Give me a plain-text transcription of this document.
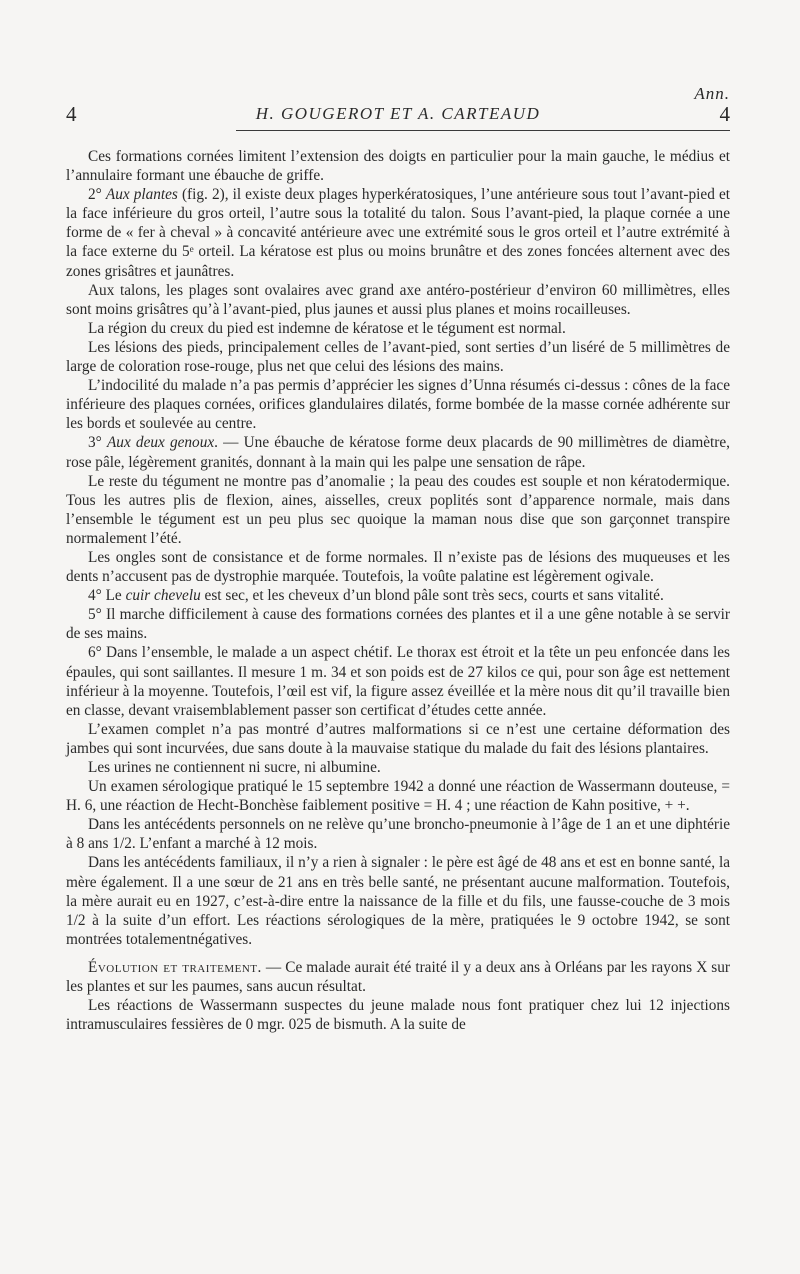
Ann.
4	H. GOUGEROT ET A. CARTEAUD	4

Ces formations cornées limitent l’extension des doigts en particulier pour la main gauche, le médius et l’annulaire formant une ébauche de griffe.

2° Aux plantes (fig. 2), il existe deux plages hyperkératosiques, l’une antérieure sous tout l’avant-pied et la face inférieure du gros orteil, l’autre sous la totalité du talon. Sous l’avant-pied, la plaque cornée a une forme de « fer à cheval » à concavité antérieure avec une extrémité sous le gros orteil et l’autre extrémité à la face externe du 5ᵉ orteil. La kératose est plus ou moins brunâtre et des zones foncées alternent avec des zones grisâtres et jaunâtres.

Aux talons, les plages sont ovalaires avec grand axe antéro-postérieur d’environ 60 millimètres, elles sont moins grisâtres qu’à l’avant-pied, plus jaunes et aussi plus planes et moins rocailleuses.

La région du creux du pied est indemne de kératose et le tégument est normal.

Les lésions des pieds, principalement celles de l’avant-pied, sont serties d’un liséré de 5 millimètres de large de coloration rose-rouge, plus net que celui des lésions des mains.

L’indocilité du malade n’a pas permis d’apprécier les signes d’Unna résumés ci-dessus : cônes de la face inférieure des plaques cornées, orifices glandulaires dilatés, forme bombée de la masse cornée adhérente sur les bords et soulevée au centre.

3° Aux deux genoux. — Une ébauche de kératose forme deux placards de 90 millimètres de diamètre, rose pâle, légèrement granités, donnant à la main qui les palpe une sensation de râpe.

Le reste du tégument ne montre pas d’anomalie ; la peau des coudes est souple et non kératodermique. Tous les autres plis de flexion, aines, aisselles, creux poplités sont d’apparence normale, mais dans l’ensemble le tégument est un peu plus sec quoique la maman nous dise que son garçonnet transpire normalement l’été.

Les ongles sont de consistance et de forme normales. Il n’existe pas de lésions des muqueuses et les dents n’accusent pas de dystrophie marquée. Toutefois, la voûte palatine est légèrement ogivale.

4° Le cuir chevelu est sec, et les cheveux d’un blond pâle sont très secs, courts et sans vitalité.

5° Il marche difficilement à cause des formations cornées des plantes et il a une gêne notable à se servir de ses mains.

6° Dans l’ensemble, le malade a un aspect chétif. Le thorax est étroit et la tête un peu enfoncée dans les épaules, qui sont saillantes. Il mesure 1 m. 34 et son poids est de 27 kilos ce qui, pour son âge est nettement inférieur à la moyenne. Toutefois, l’œil est vif, la figure assez éveillée et la mère nous dit qu’il travaille bien en classe, devant vraisemblablement passer son certificat d’études cette année.

L’examen complet n’a pas montré d’autres malformations si ce n’est une certaine déformation des jambes qui sont incurvées, due sans doute à la mauvaise statique du malade du fait des lésions plantaires.

Les urines ne contiennent ni sucre, ni albumine.

Un examen sérologique pratiqué le 15 septembre 1942 a donné une réaction de Wassermann douteuse, = H. 6, une réaction de Hecht-Bonchèse faiblement positive = H. 4 ; une réaction de Kahn positive, + +.

Dans les antécédents personnels on ne relève qu’une broncho-pneumonie à l’âge de 1 an et une diphtérie à 8 ans 1/2. L’enfant a marché à 12 mois.

Dans les antécédents familiaux, il n’y a rien à signaler : le père est âgé de 48 ans et est en bonne santé, la mère également. Il a une sœur de 21 ans en très belle santé, ne présentant aucune malformation. Toutefois, la mère aurait eu en 1927, c’est-à-dire entre la naissance de la fille et du fils, une fausse-couche de 3 mois 1/2 à la suite d’un effort. Les réactions sérologiques de la mère, pratiquées le 9 octobre 1942, se sont montrées totalementnégatives.

Évolution et traitement. — Ce malade aurait été traité il y a deux ans à Orléans par les rayons X sur les plantes et sur les paumes, sans aucun résultat.

Les réactions de Wassermann suspectes du jeune malade nous font pratiquer chez lui 12 injections intramusculaires fessières de 0 mgr. 025 de bismuth. A la suite de
